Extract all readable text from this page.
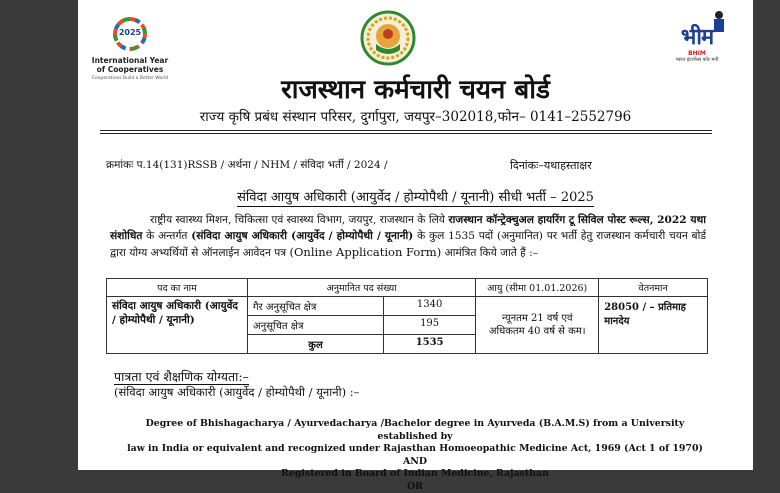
2025
International Year
of Cooperatives
Cooperatives Build a Better World
भीम
BHIM
भारत इंटरफेस फॉर मनी
राजस्थान कर्मचारी चयन बोर्ड
राज्य कृषि प्रबंध संस्थान परिसर, दुर्गापुरा, जयपुर–302018,फोन– 0141–2552796
क्रमांकः प.14(131)RSSB / अर्थना / NHM / संविदा भर्ती / 2024 /	दिनांकः–यथाहस्ताक्षर
संविदा आयुष अधिकारी (आयुर्वेद / होम्योपैथी / यूनानी) सीधी भर्ती – 2025
राष्ट्रीय स्वास्थ्य मिशन, चिकित्सा एवं स्वास्थ्य विभाग, जयपुर, राजस्थान के लिये राजस्थान कॉन्ट्रेक्चुअल हायरिंग टू सिविल पोस्ट रूल्स, 2022 यथा संशोधित के अन्तर्गत (संविदा आयुष अधिकारी (आयुर्वेद / होम्योपैथी / यूनानी) के कुल 1535 पदों (अनुमानित) पर भर्ती हेतु राजस्थान कर्मचारी चयन बोर्ड द्वारा योग्य अभ्यर्थियों से ऑनलाईन आवेदन पत्र (Online Application Form) आमंत्रित किये जाते हैं :–
पद का नाम	अनुमानित पद संख्या		आयु (सीमा 01.01.2026)	वेतनमान
संविदा आयुष अधिकारी (आयुर्वेद / होम्योपैथी / यूनानी)	गैर अनुसूचित क्षेत्र	1340	न्यूनतम 21 वर्ष एवं अधिकतम 40 वर्ष से कम।	28050 / – प्रतिमाह मानदेय
	अनुसूचित क्षेत्र	195		
	कुल	1535		
पात्रता एवं शैक्षणिक योग्यता:–
(संविदा आयुष अधिकारी (आयुर्वेद / होम्योपैथी / यूनानी) :–
Degree of Bhishagacharya / Ayurvedacharya /Bachelor degree in Ayurveda (B.A.M.S) from a University established by
law in India or equivalent and recognized under Rajasthan Homoeopathic Medicine Act, 1969 (Act 1 of 1970) AND
Registered in Board of Indian Medicine, Rajasthan
OR
